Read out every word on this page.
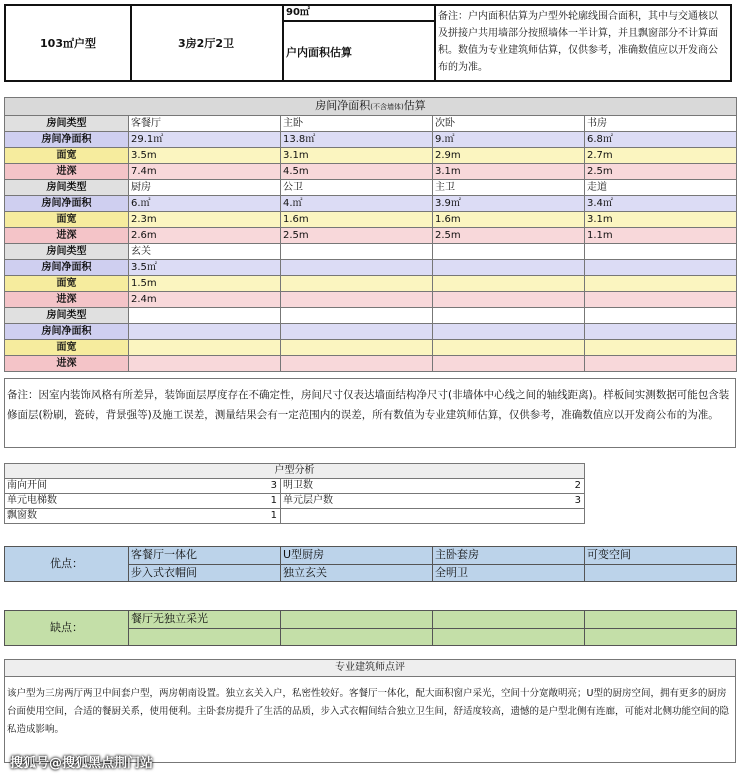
103㎡户型	3房2厅2卫
90㎡
户内面积估算
备注：户内面积估算为户型外轮廓线围合面积，其中与交通核以及拼接户共用墙部分按照墙体一半计算，并且飘窗部分不计算面积。数值为专业建筑师估算，仅供参考，准确数值应以开发商公布的为准。
房间净面积(不含墙体)估算				
房间类型	客餐厅	主卧	次卧	书房
房间净面积	29.1㎡	13.8㎡	9.㎡	6.8㎡
面宽	3.5m	3.1m	2.9m	2.7m
进深	7.4m	4.5m	3.1m	2.5m
房间类型	厨房	公卫	主卫	走道
房间净面积	6.㎡	4.㎡	3.9㎡	3.4㎡
面宽	2.3m	1.6m	1.6m	3.1m
进深	2.6m	2.5m	2.5m	1.1m
房间类型	玄关			
房间净面积	3.5㎡			
面宽	1.5m			
进深	2.4m			
房间类型				
房间净面积				
面宽				
进深				
备注：因室内装饰风格有所差异，装饰面层厚度存在不确定性，房间尺寸仅表达墙面结构净尺寸(非墙体中心线之间的轴线距离)。样板间实测数据可能包含装修面层(粉刷，瓷砖，背景强等)及施工误差，测量结果会有一定范围内的误差，所有数值为专业建筑师估算，仅供参考，准确数值应以开发商公布的为准。
户型分析	
南向开间 3	明卫数 2

单元电梯数 1	单元层户数 3

飘窗数 1	

优点：	客餐厅一体化	U型厨房	主卧套房	可变空间
	步入式衣帽间	独立玄关	全明卫	
缺点：	餐厅无独立采光			

专业建筑师点评
该户型为三房两厅两卫中间套户型，两房朝南设置。独立玄关入户，私密性较好。客餐厅一体化，配大面积窗户采光，空间十分宽敞明亮；U型的厨房空间，拥有更多的厨房台面使用空间，合适的餐厨关系，使用便利。主卧套房提升了生活的品质，步入式衣帽间结合独立卫生间，舒适度较高，遗憾的是户型北侧有连廊，可能对北侧功能空间的隐私造成影响。
搜狐号@搜狐黑点荆门站
